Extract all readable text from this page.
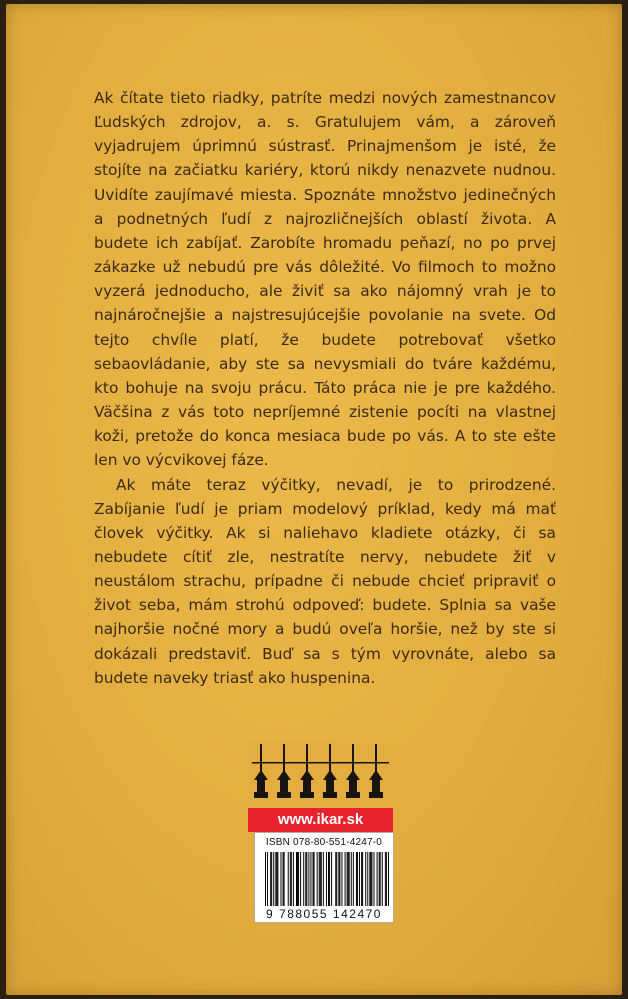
Ak čítate tieto riadky, patríte medzi nových zamestnancov Ľudských zdrojov, a. s. Gratulujem vám, a zároveň vyjadrujem úprimnú sústrasť. Prinajmenšom je isté, že stojíte na začiatku kariéry, ktorú nikdy nenazvete nudnou. Uvidíte zaujímavé miesta. Spoznáte množstvo jedinečných a podnetných ľudí z najrozličnejších oblastí života. A budete ich zabíjať. Zarobíte hromadu peňazí, no po prvej zákazke už nebudú pre vás dôležité. Vo filmoch to možno vyzerá jednoducho, ale živiť sa ako nájomný vrah je to najnáročnejšie a najstresujúcejšie povolanie na svete. Od tejto chvíle platí, že budete potrebovať všetko sebaovládanie, aby ste sa nevysmiali do tváre každému, kto bohuje na svoju prácu. Táto práca nie je pre každého. Väčšina z vás toto nepríjemné zistenie pocíti na vlastnej koži, pretože do konca mesiaca bude po vás. A to ste ešte len vo výcvikovej fáze.

Ak máte teraz výčitky, nevadí, je to prirodzené. Zabíjanie ľudí je priam modelový príklad, kedy má mať človek výčitky. Ak si naliehavo kladiete otázky, či sa nebudete cítiť zle, nestratíte nervy, nebudete žiť v neustálom strachu, prípadne či nebude chcieť pripraviť o život seba, mám strohú odpoveď: budete. Splnia sa vaše najhoršie nočné mory a budú oveľa horšie, než by ste si dokázali predstaviť. Buď sa s tým vyrovnáte, alebo sa budete naveky triasť ako huspenina.

www.ikar.sk
ISBN 078-80-551-4247-0
9 788055 142470
